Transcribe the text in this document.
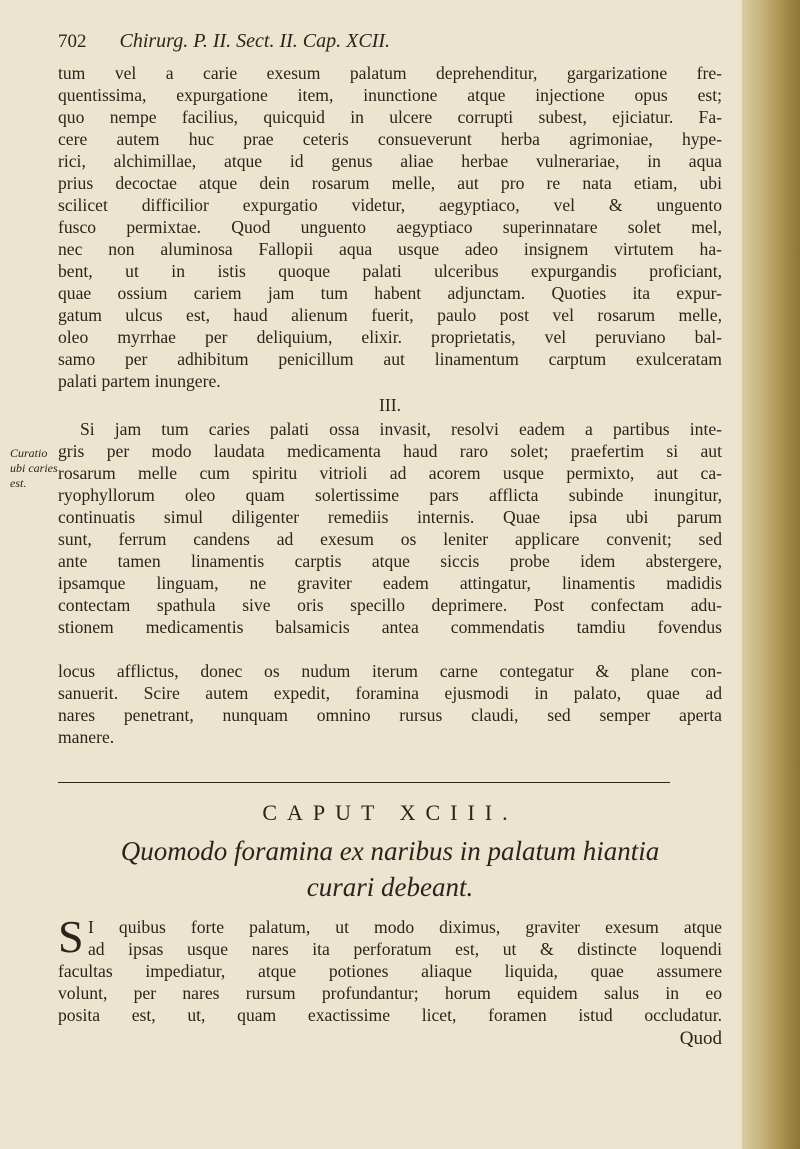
702 Chirurg. P. II. Sect. II. Cap. XCII.
Curatio ubi caries est.
tum vel a carie exesum palatum deprehenditur, gargarizatione fre-
quentissima, expurgatione item, inunctione atque injectione opus est;
quo nempe facilius, quicquid in ulcere corrupti subest, ejiciatur. Fa-
cere autem huc prae ceteris consueverunt herba agrimoniae, hype-
rici, alchimillae, atque id genus aliae herbae vulnerariae, in aqua
prius decoctae atque dein rosarum melle, aut pro re nata etiam, ubi
scilicet difficilior expurgatio videtur, aegyptiaco, vel & unguento
fusco permixtae. Quod unguento aegyptiaco superinnatare solet mel,
nec non aluminosa Fallopii aqua usque adeo insignem virtutem ha-
bent, ut in istis quoque palati ulceribus expurgandis proficiant,
quae ossium cariem jam tum habent adjunctam. Quoties ita expur-
gatum ulcus est, haud alienum fuerit, paulo post vel rosarum melle,
oleo myrrhae per deliquium, elixir. proprietatis, vel peruviano bal-
samo per adhibitum penicillum aut linamentum carptum exulceratam
palati partem inungere.
III.
Si jam tum caries palati ossa invasit, resolvi eadem a partibus inte-
gris per modo laudata medicamenta haud raro solet; praefertim si aut
rosarum melle cum spiritu vitrioli ad acorem usque permixto, aut ca-
ryophyllorum oleo quam solertissime pars afflicta subinde inungitur,
continuatis simul diligenter remediis internis. Quae ipsa ubi parum
sunt, ferrum candens ad exesum os leniter applicare convenit; sed
ante tamen linamentis carptis atque siccis probe idem abstergere,
ipsamque linguam, ne graviter eadem attingatur, linamentis madidis
contectam spathula sive oris specillo deprimere. Post confectam adu-
stionem medicamentis balsamicis antea commendatis tamdiu fovendus
CAPUT XCIII.
Quomodo foramina ex naribus in palatum hiantia
curari debeant.
S I quibus forte palatum, ut modo diximus, graviter exesum atque
ad ipsas usque nares ita perforatum est, ut & distincte loquendi
facultas impediatur, atque potiones aliaque liquida, quae assumere
volunt, per nares rursum profundantur; horum equidem salus in eo
posita est, ut, quam exactissime licet, foramen istud occludatur.
Quod
locus afflictus, donec os nudum iterum carne contegatur & plane con-
sanuerit. Scire autem expedit, foramina ejusmodi in palato, quae ad
nares penetrant, nunquam omnino rursus claudi, sed semper aperta
manere.
